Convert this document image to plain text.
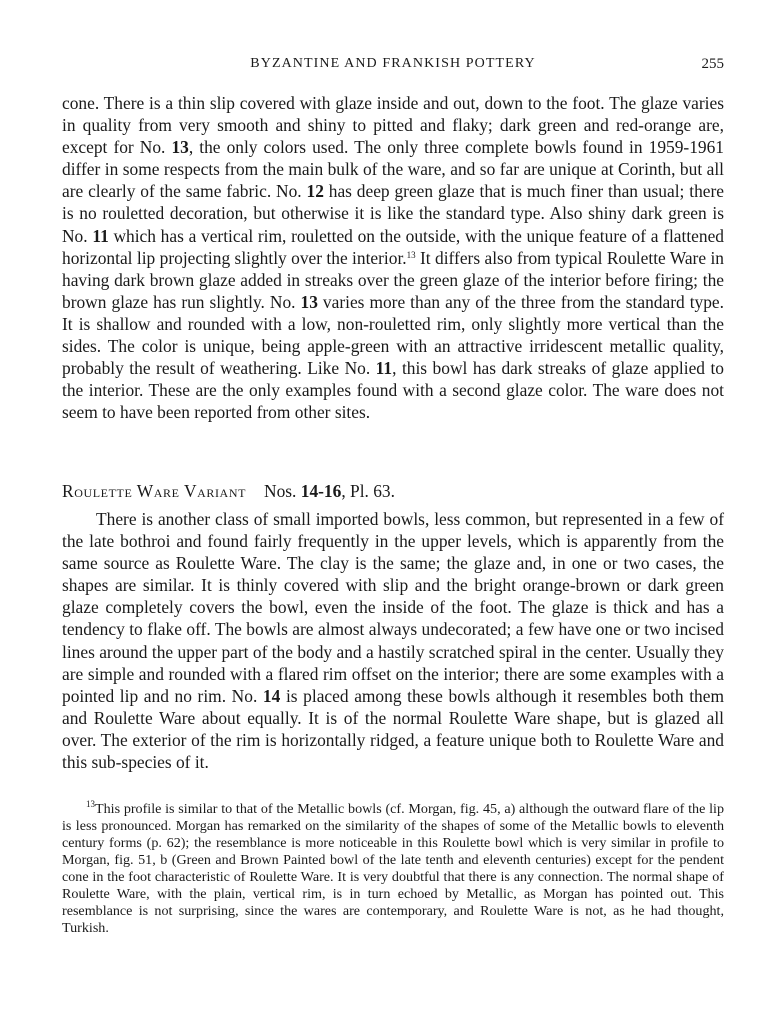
BYZANTINE AND FRANKISH POTTERY	255

cone. There is a thin slip covered with glaze inside and out, down to the foot. The glaze varies in quality from very smooth and shiny to pitted and flaky; dark green and red-orange are, except for No. 13, the only colors used. The only three complete bowls found in 1959-1961 differ in some respects from the main bulk of the ware, and so far are unique at Corinth, but all are clearly of the same fabric. No. 12 has deep green glaze that is much finer than usual; there is no rouletted decoration, but otherwise it is like the standard type. Also shiny dark green is No. 11 which has a vertical rim, rouletted on the outside, with the unique feature of a flattened horizontal lip projecting slightly over the interior.$^{13}$ It differs also from typical Roulette Ware in having dark brown glaze added in streaks over the green glaze of the interior before firing; the brown glaze has run slightly. No. 13 varies more than any of the three from the standard type. It is shallow and rounded with a low, non-rouletted rim, only slightly more vertical than the sides. The color is unique, being apple-green with an attractive irridescent metallic quality, probably the result of weathering. Like No. 11, this bowl has dark streaks of glaze applied to the interior. These are the only examples found with a second glaze color. The ware does not seem to have been reported from other sites.

Roulette Ware Variant Nos. 14-16, Pl. 63.

There is another class of small imported bowls, less common, but represented in a few of the late bothroi and found fairly frequently in the upper levels, which is apparently from the same source as Roulette Ware. The clay is the same; the glaze and, in one or two cases, the shapes are similar. It is thinly covered with slip and the bright orange-brown or dark green glaze completely covers the bowl, even the inside of the foot. The glaze is thick and has a tendency to flake off. The bowls are almost always undecorated; a few have one or two incised lines around the upper part of the body and a hastily scratched spiral in the center. Usually they are simple and rounded with a flared rim offset on the interior; there are some examples with a pointed lip and no rim. No. 14 is placed among these bowls although it resembles both them and Roulette Ware about equally. It is of the normal Roulette Ware shape, but is glazed all over. The exterior of the rim is horizontally ridged, a feature unique both to Roulette Ware and this sub-species of it.

$^{13}$This profile is similar to that of the Metallic bowls (cf. Morgan, fig. 45, a) although the outward flare of the lip is less pronounced. Morgan has remarked on the similarity of the shapes of some of the Metallic bowls to eleventh century forms (p. 62); the resemblance is more noticeable in this Roulette bowl which is very similar in profile to Morgan, fig. 51, b (Green and Brown Painted bowl of the late tenth and eleventh centuries) except for the pendent cone in the foot characteristic of Roulette Ware. It is very doubtful that there is any connection. The normal shape of Roulette Ware, with the plain, vertical rim, is in turn echoed by Metallic, as Morgan has pointed out. This resemblance is not surprising, since the wares are contemporary, and Roulette Ware is not, as he had thought, Turkish.
